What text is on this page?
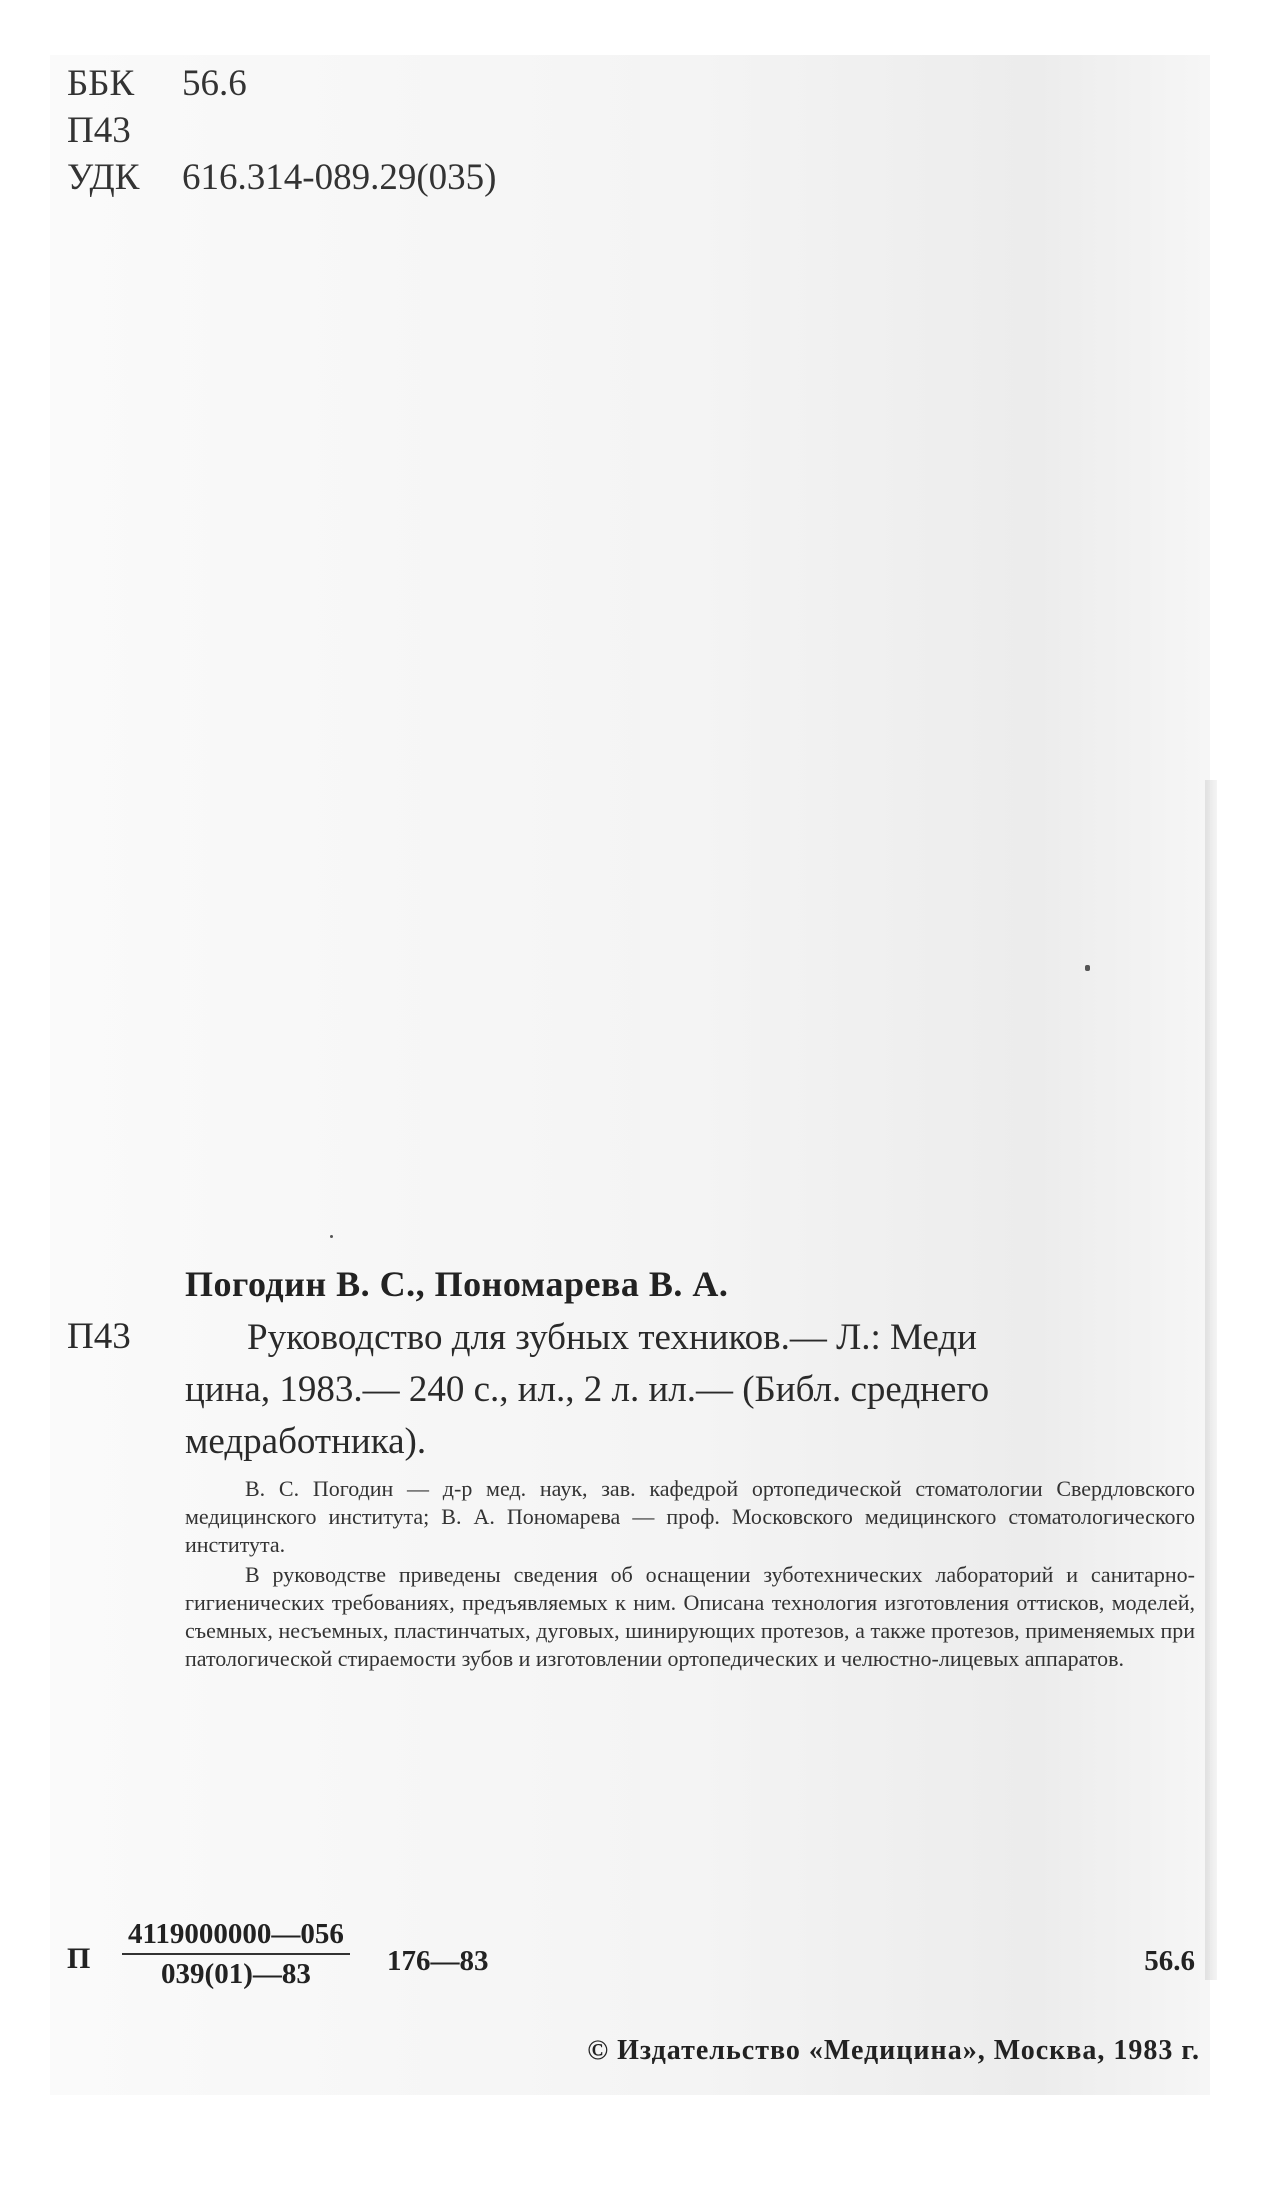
ББК 56.6
П43
УДК 616.314-089.29(035)
Погодин В. С., Пономарева В. А.
П43	Руководство для зубных техников.— Л.: Меди
цина, 1983.— 240 с., ил., 2 л. ил.— (Библ. среднего
медработника).

В. С. Погодин — д-р мед. наук, зав. кафедрой ортопедической стоматологии Свердловского медицинского института; В. А. Пономарева — проф. Московского медицинского стоматологического института.

В руководстве приведены сведения об оснащении зуботехнических лабораторий и санитарно-гигиенических требованиях, предъявляемых к ним. Описана технология изготовления оттисков, моделей, съемных, несъемных, пластинчатых, дуговых, шинирующих протезов, а также протезов, применяемых при патологической стираемости зубов и изготовлении ортопедических и челюстно-лицевых аппаратов.

П $\frac{4119000000—056}{039(01)—83}$ 176—83	56.6
© Издательство «Медицина», Москва, 1983 г.
